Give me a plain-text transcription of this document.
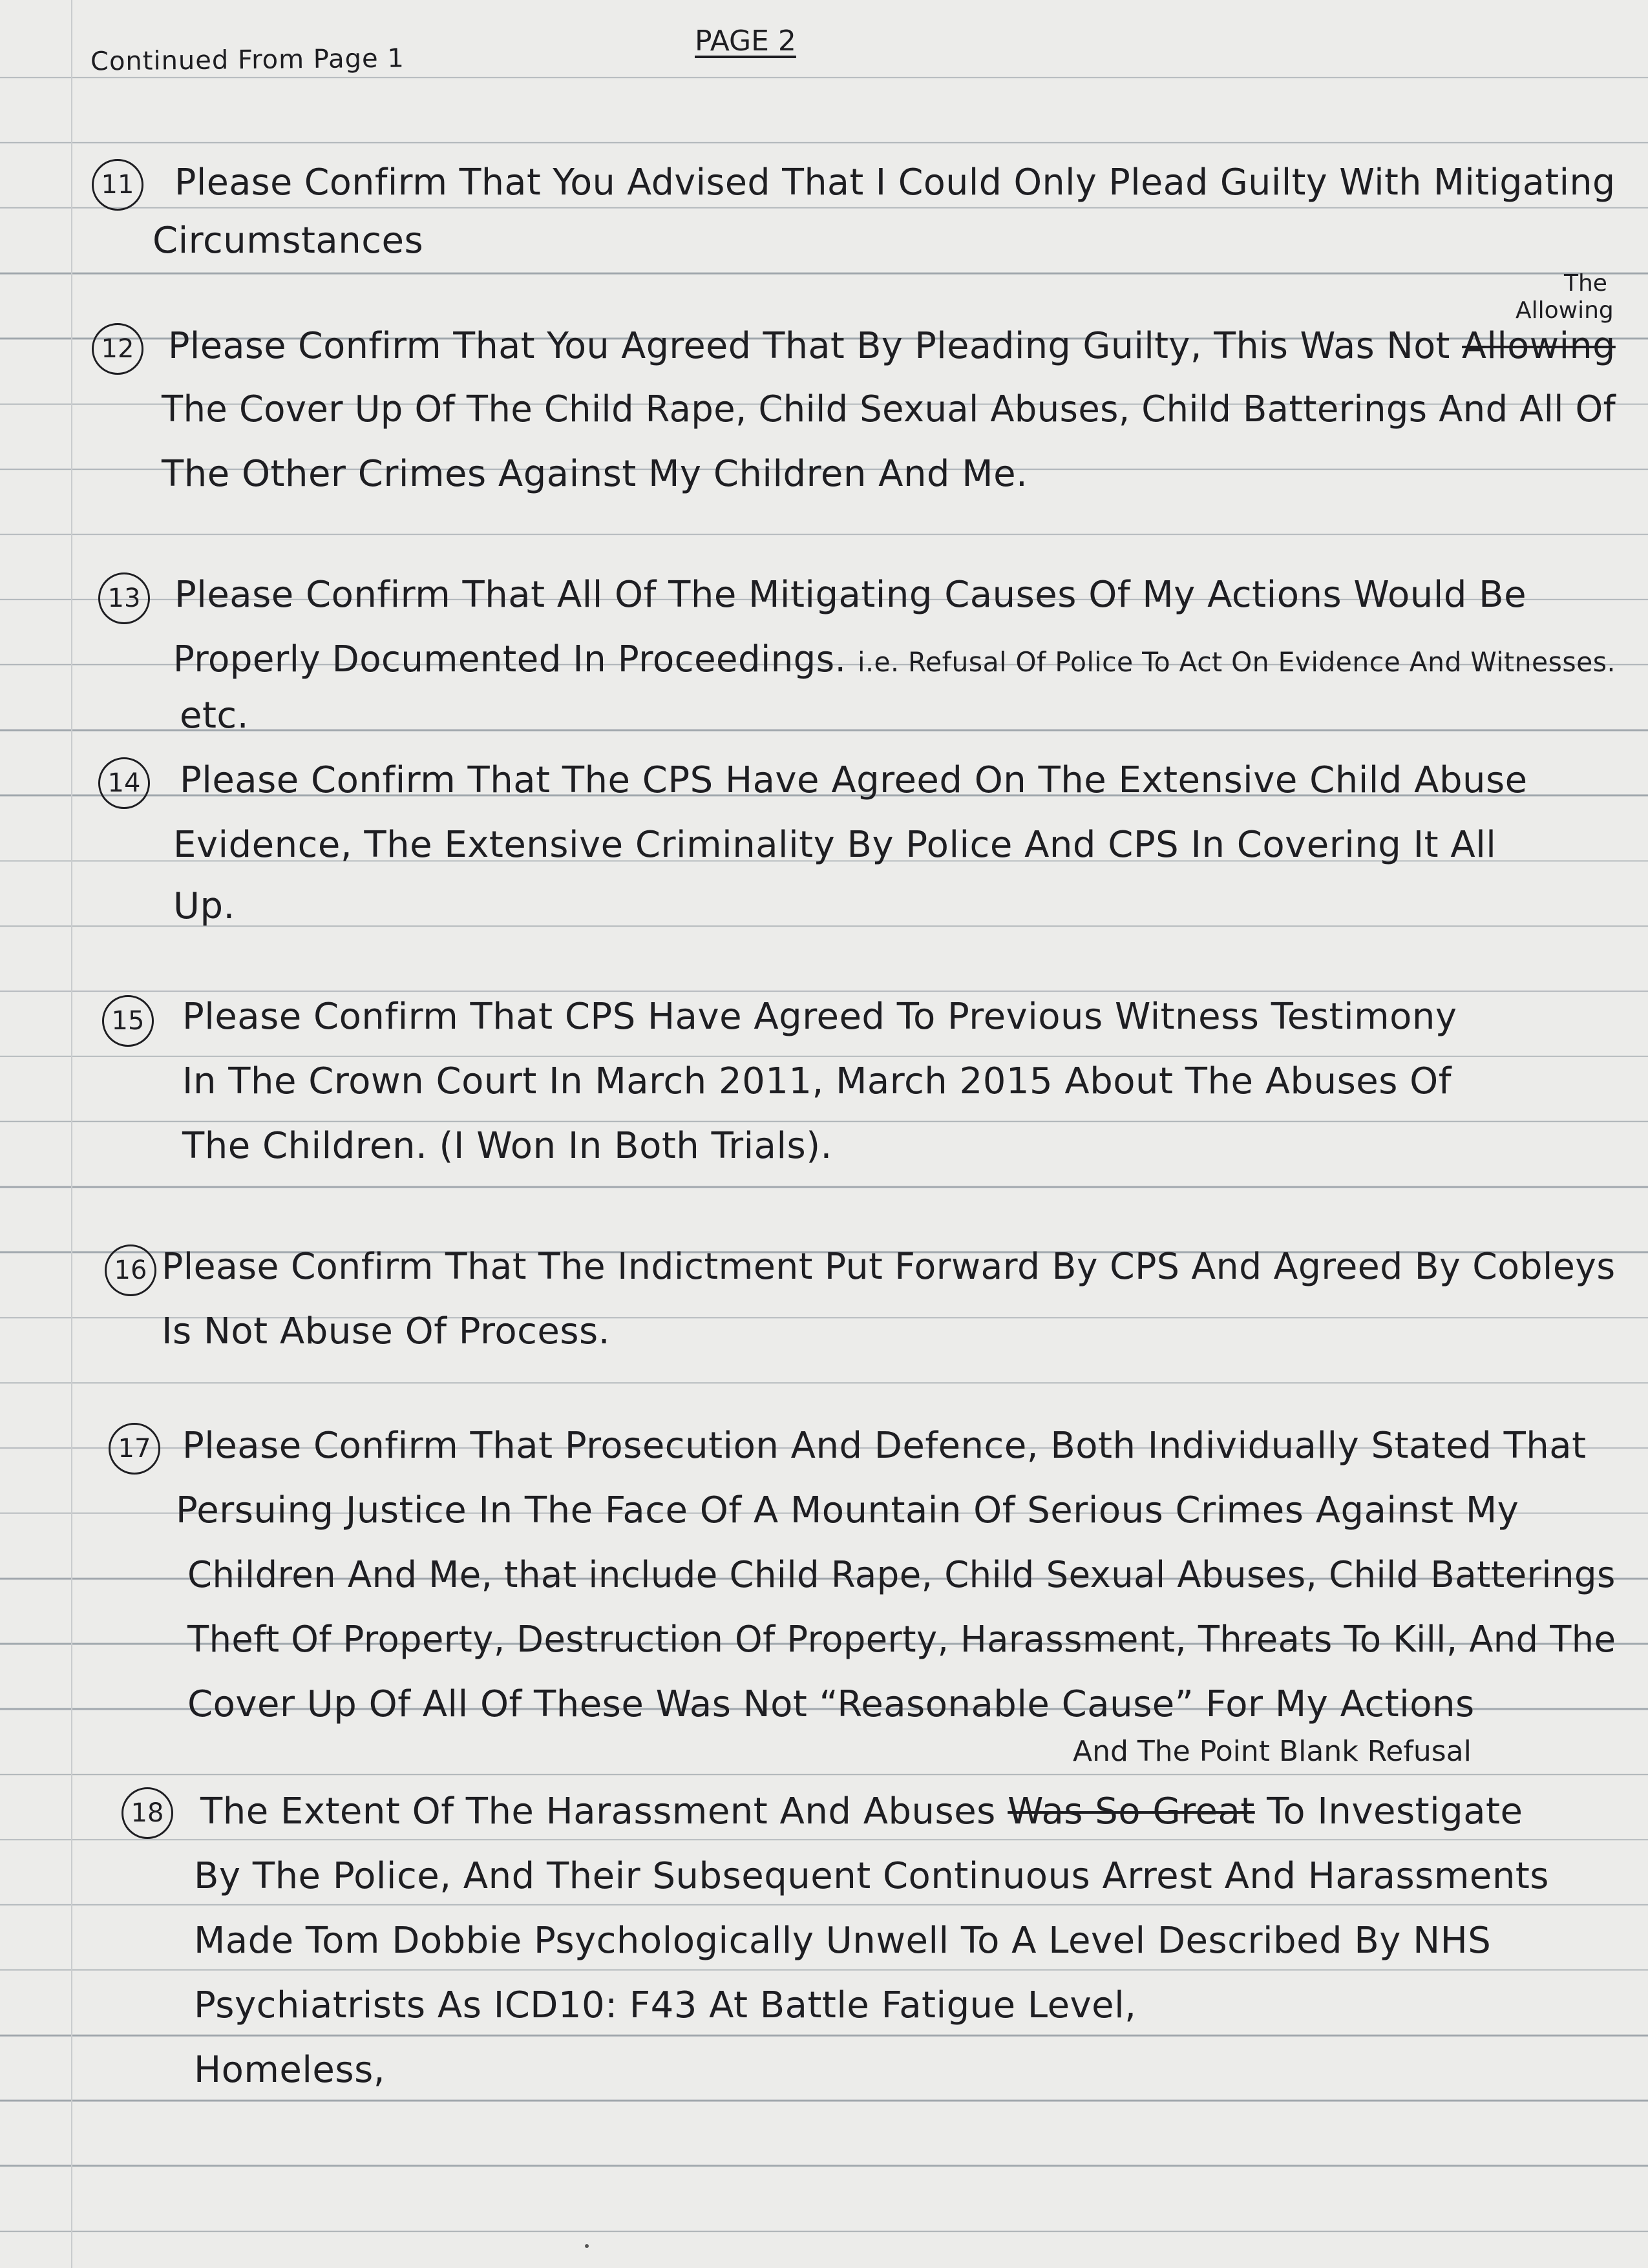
Continued From Page 1
PAGE 2
11 Please Confirm That You Advised That I Could Only Plead Guilty With Mitigating
Circumstances
The
Allowing
12 Please Confirm That You Agreed That By Pleading Guilty, This Was Not Allowing
The Cover Up Of The Child Rape, Child Sexual Abuses, Child Batterings And All Of
The Other Crimes Against My Children And Me.
13 Please Confirm That All Of The Mitigating Causes Of My Actions Would Be
Properly Documented In Proceedings. i.e. Refusal Of Police To Act On Evidence And Witnesses.
etc.
14 Please Confirm That The CPS Have Agreed On The Extensive Child Abuse
Evidence, The Extensive Criminality By Police And CPS In Covering It All
Up.
15 Please Confirm That CPS Have Agreed To Previous Witness Testimony
In The Crown Court In March 2011, March 2015 About The Abuses Of
The Children. (I Won In Both Trials).
16 Please Confirm That The Indictment Put Forward By CPS And Agreed By Cobleys
Is Not Abuse Of Process.
17 Please Confirm That Prosecution And Defence, Both Individually Stated That
Persuing Justice In The Face Of A Mountain Of Serious Crimes Against My
Children And Me, that include Child Rape, Child Sexual Abuses, Child Batterings
Theft Of Property, Destruction Of Property, Harassment, Threats To Kill, And The
Cover Up Of All Of These Was Not “Reasonable Cause” For My Actions
And The Point Blank Refusal
18 The Extent Of The Harassment And Abuses Was So Great To Investigate
By The Police, And Their Subsequent Continuous Arrest And Harassments
Made Tom Dobbie Psychologically Unwell To A Level Described By NHS
Psychiatrists As ICD10: F43 At Battle Fatigue Level,
Homeless,
